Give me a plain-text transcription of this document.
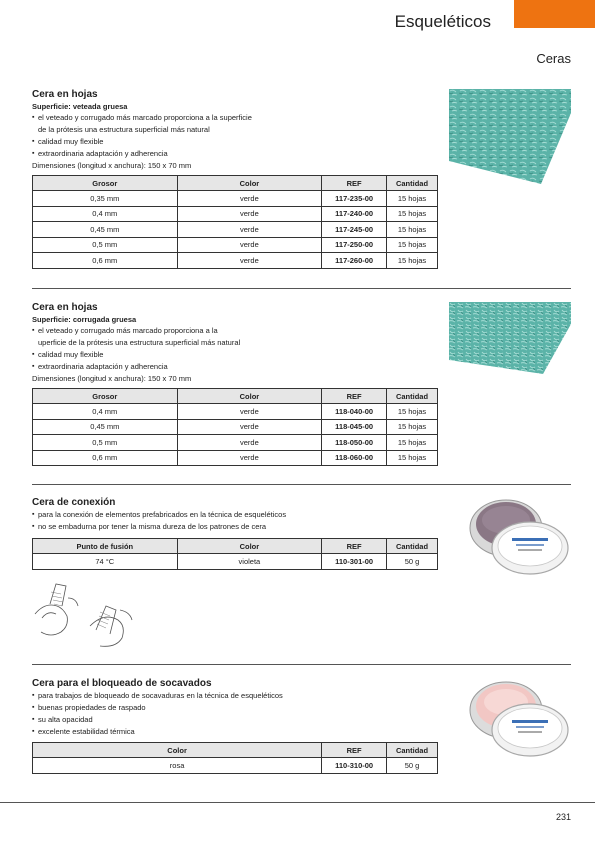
Esqueléticos
Ceras
Cera en hojas
Superficie: veteada gruesa
▪ el veteado y corrugado más marcado proporciona a la superficie
de la prótesis una estructura superficial más natural
▪ calidad muy flexible
▪ extraordinaria adaptación y adherencia
Dimensiones (longitud x anchura): 150 x 70 mm
Grosor	Color	REF	Cantidad
0,35 mm	verde	117-235-00	15 hojas
0,4 mm	verde	117-240-00	15 hojas
0,45 mm	verde	117-245-00	15 hojas
0,5 mm	verde	117-250-00	15 hojas
0,6 mm	verde	117-260-00	15 hojas
Cera en hojas
Superficie: corrugada gruesa
▪ el veteado y corrugado más marcado proporciona a la
uperficie de la prótesis una estructura superficial más natural
▪ calidad muy flexible
▪ extraordinaria adaptación y adherencia
Dimensiones (longitud x anchura): 150 x 70 mm
Grosor	Color	REF	Cantidad
0,4 mm	verde	118-040-00	15 hojas
0,45 mm	verde	118-045-00	15 hojas
0,5 mm	verde	118-050-00	15 hojas
0,6 mm	verde	118-060-00	15 hojas
Cera de conexión
▪ para la conexión de elementos prefabricados en la técnica de esqueléticos
▪ no se embadurna por tener la misma dureza de los patrones de cera
Punto de fusión	Color	REF	Cantidad
74 °C	violeta	110-301-00	50 g
Cera para el bloqueado de socavados
▪ para trabajos de bloqueado de socavaduras en la técnica de esqueléticos
▪ buenas propiedades de raspado
▪ su alta opacidad
▪ excelente estabilidad térmica
Color	REF	Cantidad
rosa	110-310-00	50 g
231
